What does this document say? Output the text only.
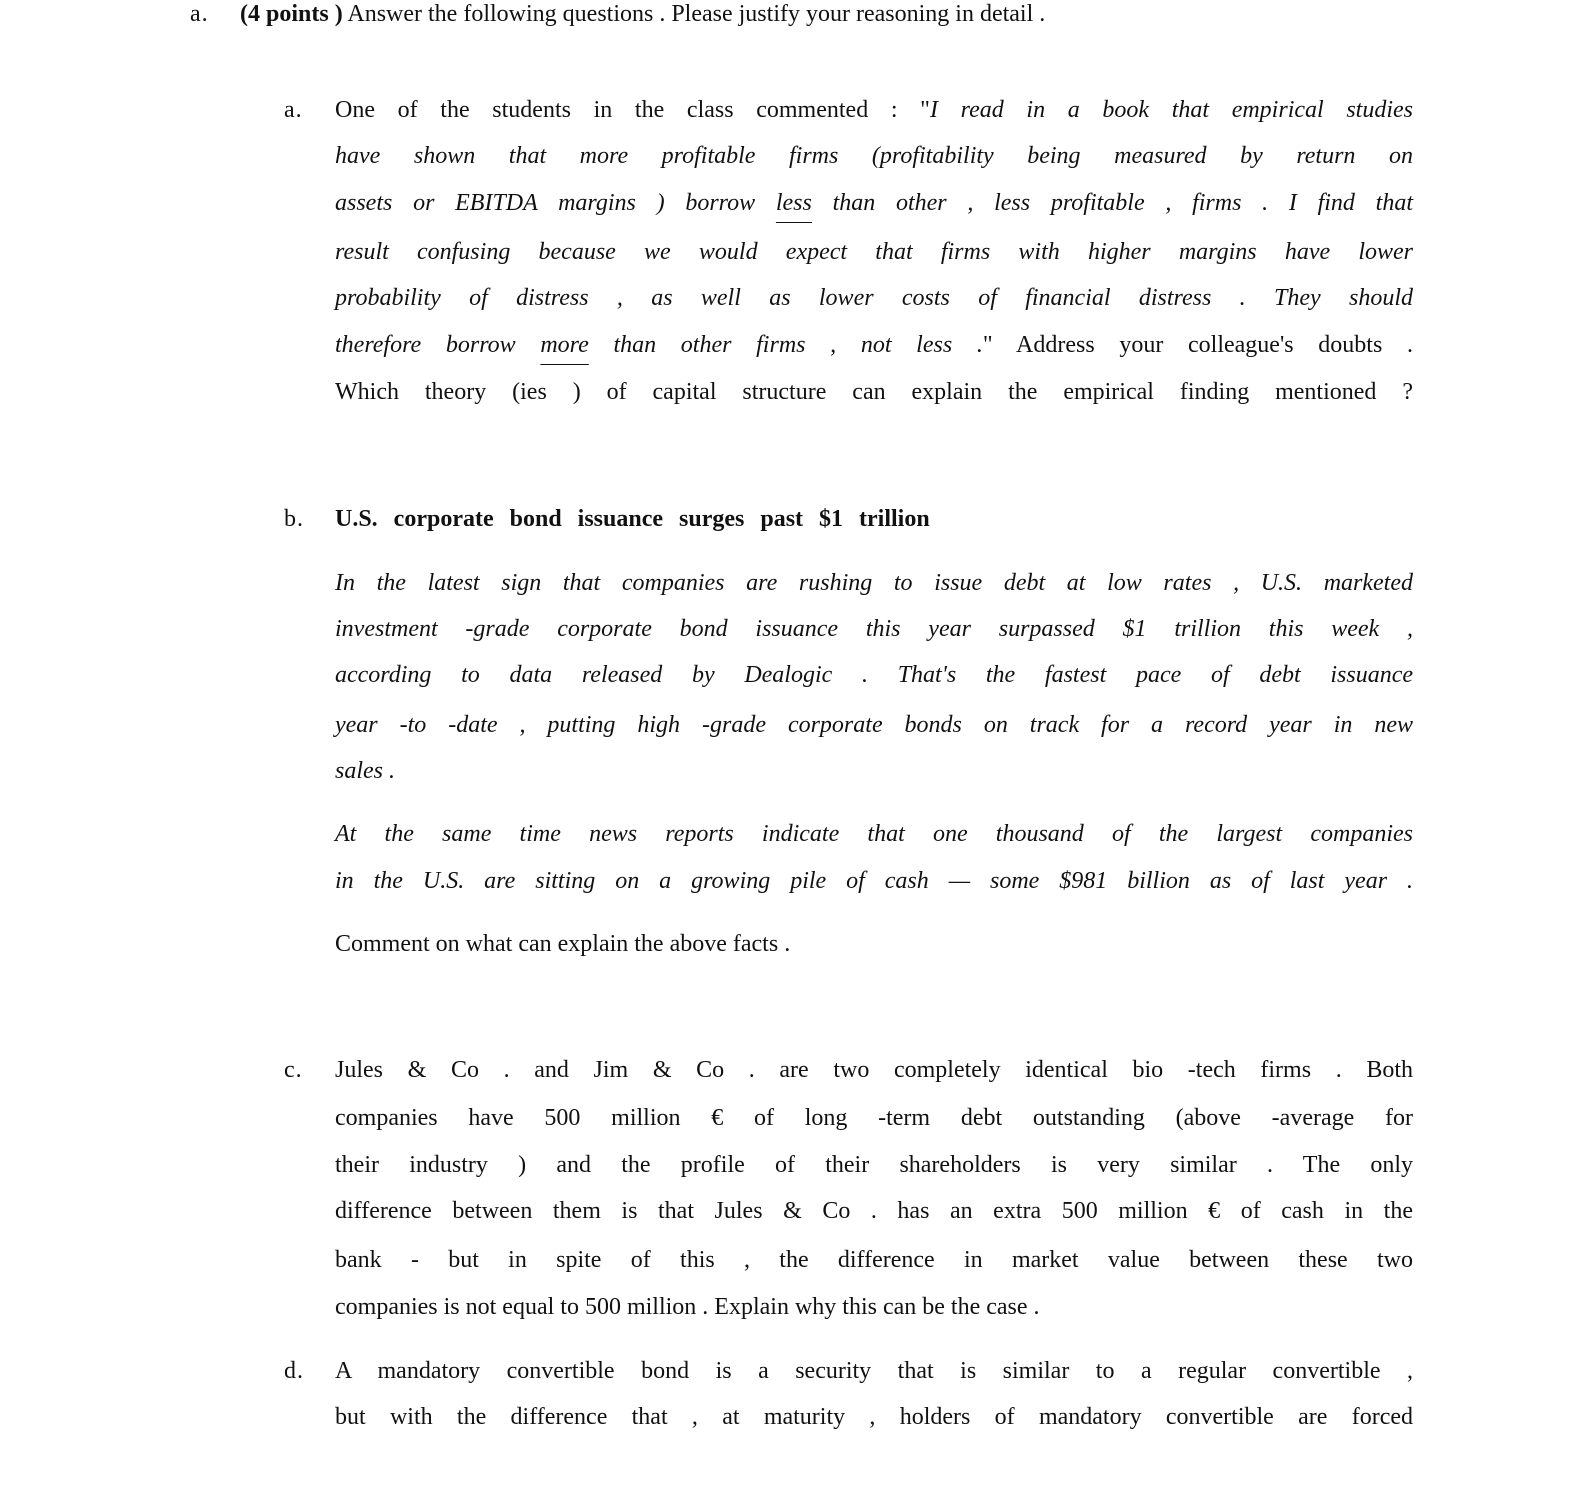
a. (4 points ) Answer the following questions . Please justify your reasoning in detail .
a. One of the students in the class commented : "I read in a book that empirical studies
have shown that more profitable firms (profitability being measured by return on
assets or EBITDA margins ) borrow less than other , less profitable , firms . I find that
result confusing because we would expect that firms with higher margins have lower
probability of distress , as well as lower costs of financial distress . They should
therefore borrow more than other firms , not less ." Address your colleague's doubts .
Which theory (ies ) of capital structure can explain the empirical finding mentioned ?
b. U.S. corporate bond issuance surges past $1 trillion
In the latest sign that companies are rushing to issue debt at low rates , U.S. marketed
investment -grade corporate bond issuance this year surpassed $1 trillion this week ,
according to data released by Dealogic . That's the fastest pace of debt issuance
year -to -date , putting high -grade corporate bonds on track for a record year in new
sales .
At the same time news reports indicate that one thousand of the largest companies
in the U.S. are sitting on a growing pile of cash — some $981 billion as of last year .
Comment on what can explain the above facts .
c. Jules & Co . and Jim & Co . are two completely identical bio -tech firms . Both
companies have 500 million € of long -term debt outstanding (above -average for
their industry ) and the profile of their shareholders is very similar . The only
difference between them is that Jules & Co . has an extra 500 million € of cash in the
bank - but in spite of this , the difference in market value between these two
companies is not equal to 500 million . Explain why this can be the case .
d. A mandatory convertible bond is a security that is similar to a regular convertible ,
but with the difference that , at maturity , holders of mandatory convertible are forced
